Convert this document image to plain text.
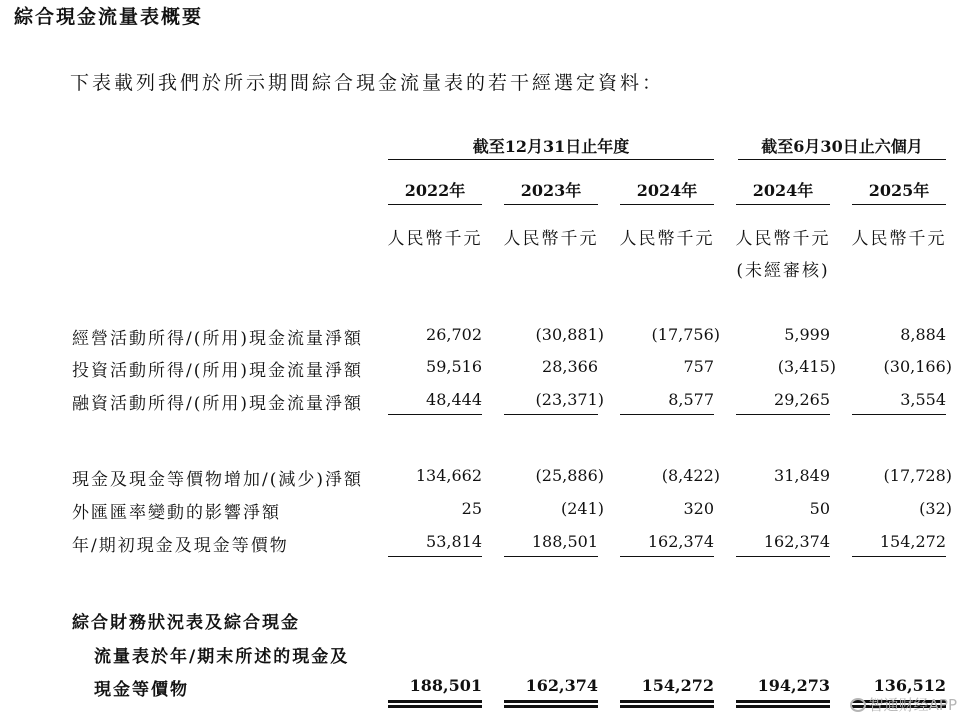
綜合現金流量表概要
下表載列我們於所示期間綜合現金流量表的若干經選定資料：
截至12月31日止年度	截至6月30日止六個月
2022年	2023年	2024年	2024年	2025年
人民幣千元 人民幣千元 人民幣千元 人民幣千元 人民幣千元
(未經審核)
經營活動所得/(所用)現金流量淨額	26,702	(30,881)	(17,756)	5,999	8,884
投資活動所得/(所用)現金流量淨額	59,516	28,366	757	(3,415)	(30,166)
融資活動所得/(所用)現金流量淨額	48,444	(23,371)	8,577	29,265	3,554
現金及現金等價物增加/(減少)淨額	134,662	(25,886)	(8,422)	31,849	(17,728)
外匯匯率變動的影響淨額	25	(241)	320	50	(32)
年/期初現金及現金等價物	53,814	188,501	162,374	162,374	154,272
綜合財務狀況表及綜合現金
流量表於年/期末所述的現金及
現金等價物	188,501	162,374	154,272	194,273	136,512
智通财经APP
